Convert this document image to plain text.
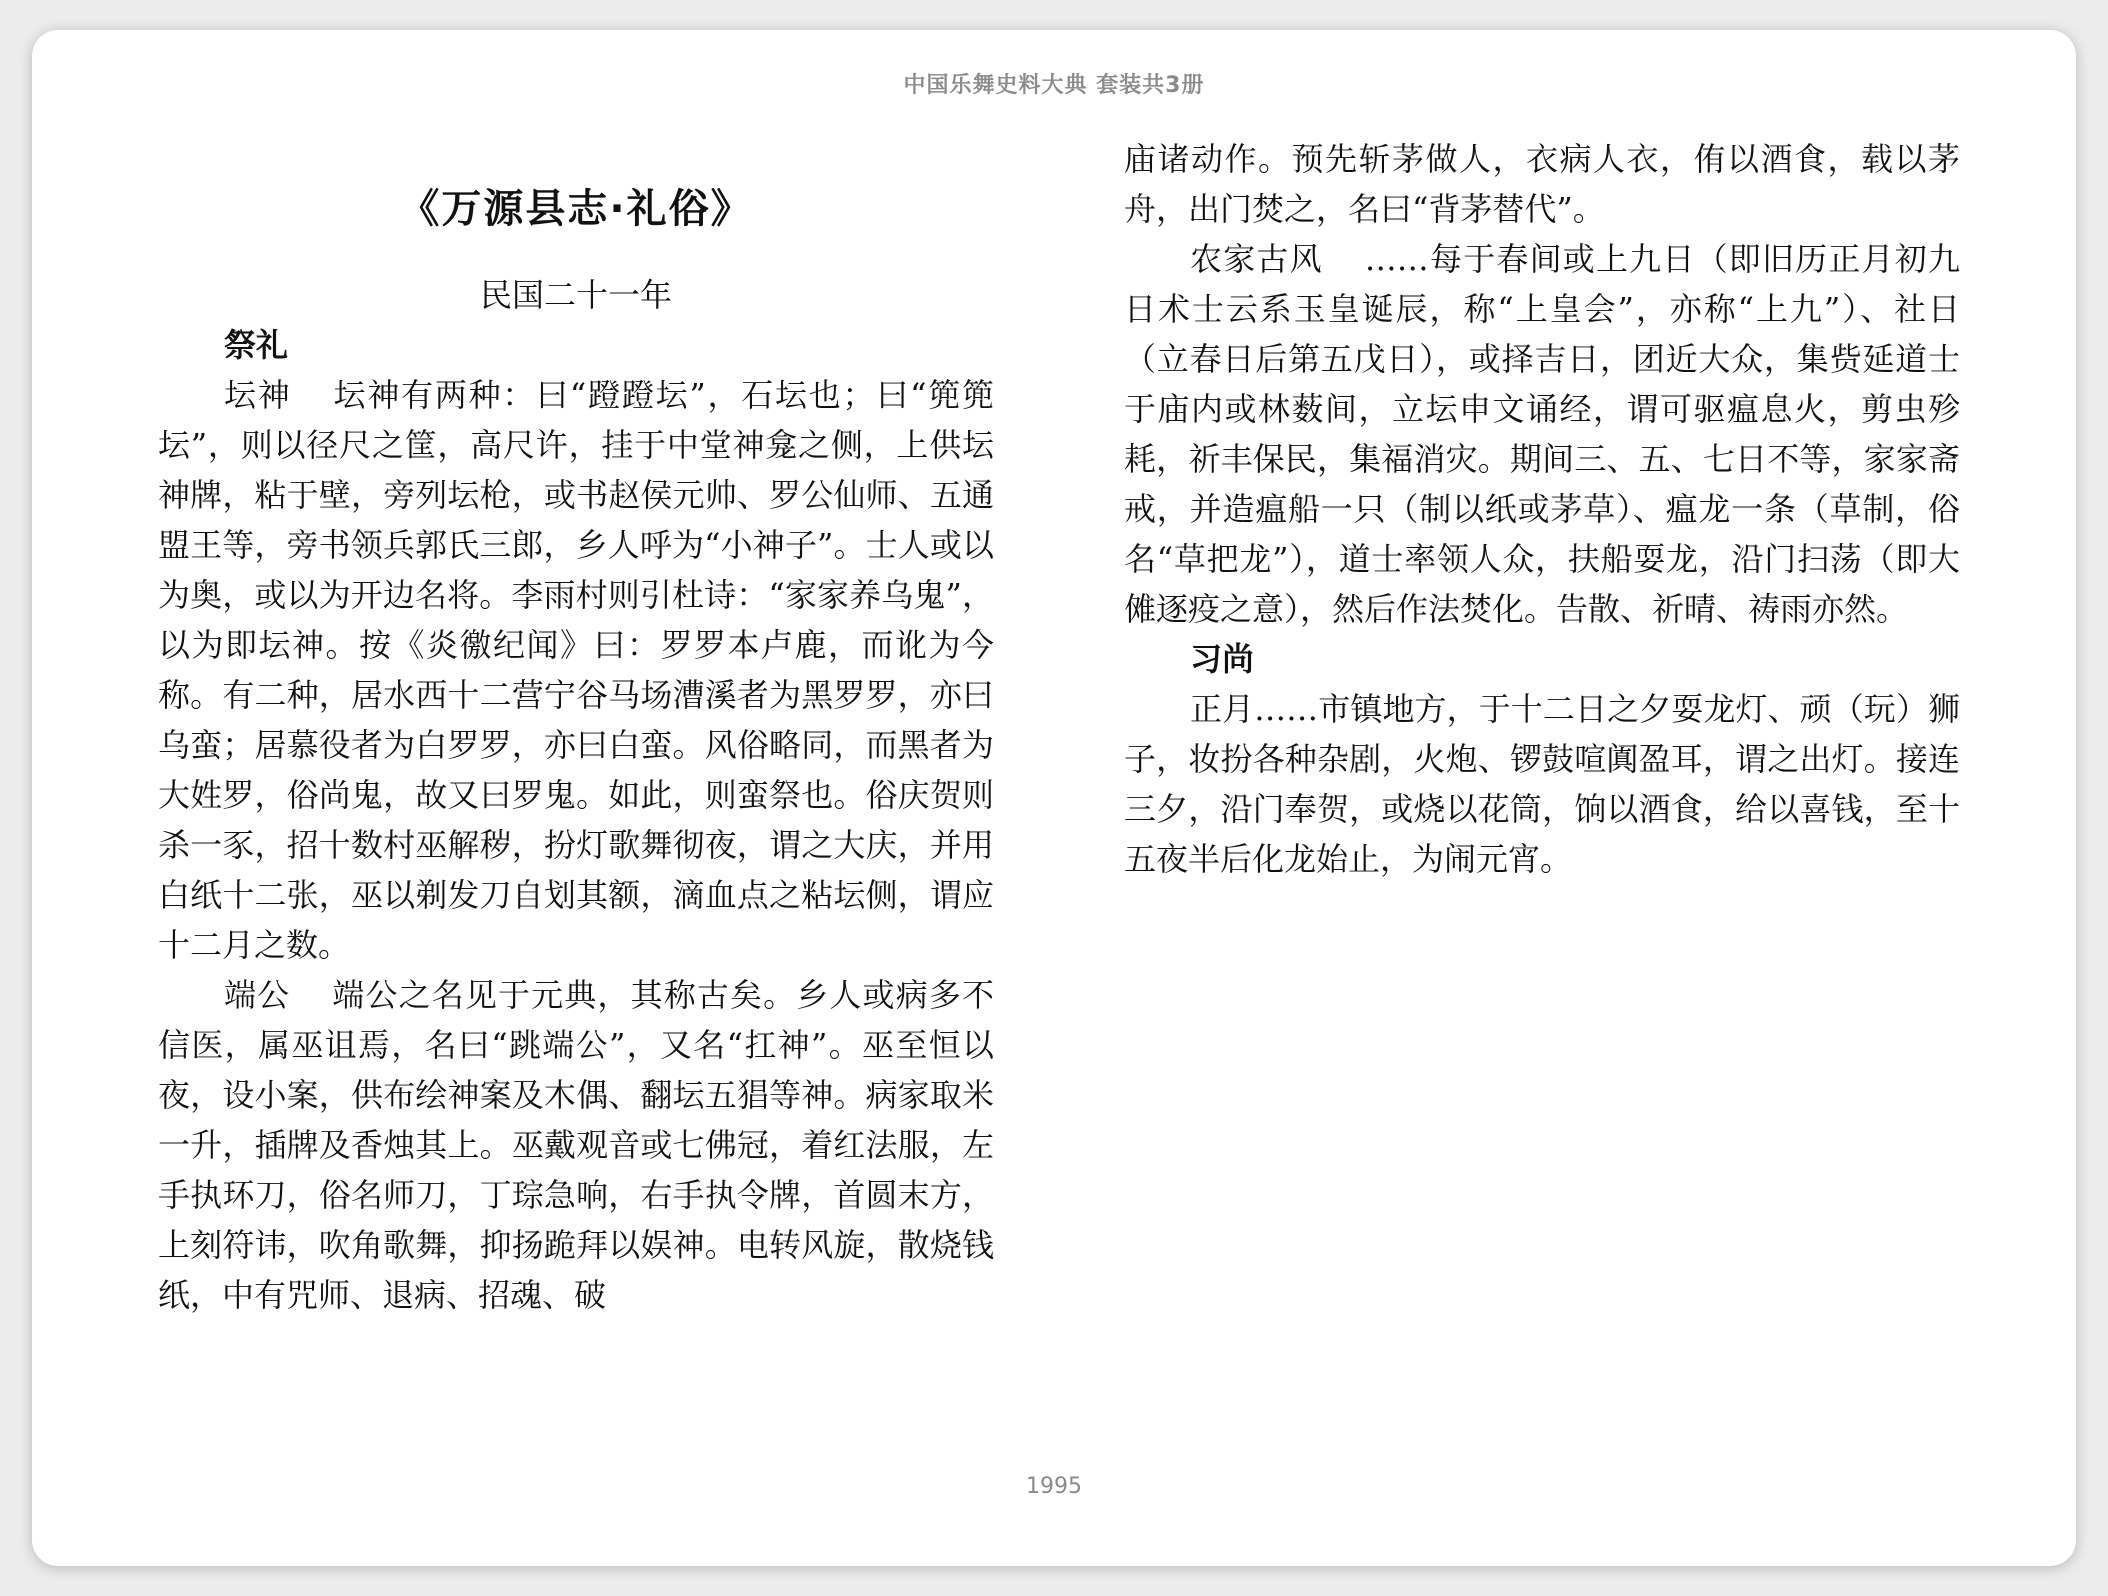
中国乐舞史料大典 套装共3册
《万源县志·礼俗》

民国二十一年

祭礼

坛神 坛神有两种：曰“蹬蹬坛”，石坛也；曰“篼篼坛”，则以径尺之筐，高尺许，挂于中堂神龛之侧，上供坛神牌，粘于壁，旁列坛枪，或书赵侯元帅、罗公仙师、五通盟王等，旁书领兵郭氏三郎，乡人呼为“小神子”。士人或以为奥，或以为开边名将。李雨村则引杜诗：“家家养乌鬼”，以为即坛神。按《炎徼纪闻》曰：罗罗本卢鹿，而讹为今称。有二种，居水西十二营宁谷马场漕溪者为黑罗罗，亦曰乌蛮；居慕役者为白罗罗，亦曰白蛮。风俗略同，而黑者为大姓罗，俗尚鬼，故又曰罗鬼。如此，则蛮祭也。俗庆贺则杀一豕，招十数村巫解秽，扮灯歌舞彻夜，谓之大庆，并用白纸十二张，巫以剃发刀自划其额，滴血点之粘坛侧，谓应十二月之数。

端公 端公之名见于元典，其称古矣。乡人或病多不信医，属巫诅焉，名曰“跳端公”，又名“扛神”。巫至恒以夜，设小案，供布绘神案及木偶、翻坛五猖等神。病家取米一升，插牌及香烛其上。巫戴观音或七佛冠，着红法服，左手执环刀，俗名师刀，丁琮急响，右手执令牌，首圆末方，上刻符讳，吹角歌舞，抑扬跪拜以娱神。电转风旋，散烧钱纸，中有咒师、退病、招魂、破

庙诸动作。预先斩茅做人，衣病人衣，侑以酒食，载以茅舟，出门焚之，名曰“背茅替代”。

农家古风 ……每于春间或上九日（即旧历正月初九日术士云系玉皇诞辰，称“上皇会”，亦称“上九”）、社日（立春日后第五戊日），或择吉日，团近大众，集赀延道士于庙内或林薮间，立坛申文诵经，谓可驱瘟息火，剪虫殄耗，祈丰保民，集福消灾。期间三、五、七日不等，家家斋戒，并造瘟船一只（制以纸或茅草）、瘟龙一条（草制，俗名“草把龙”），道士率领人众，扶船耍龙，沿门扫荡（即大傩逐疫之意），然后作法焚化。告散、祈晴、祷雨亦然。

习尚

正月……市镇地方，于十二日之夕耍龙灯、顽（玩）狮子，妆扮各种杂剧，火炮、锣鼓喧阗盈耳，谓之出灯。接连三夕，沿门奉贺，或烧以花筒，饷以酒食，给以喜钱，至十五夜半后化龙始止，为闹元宵。

1995
